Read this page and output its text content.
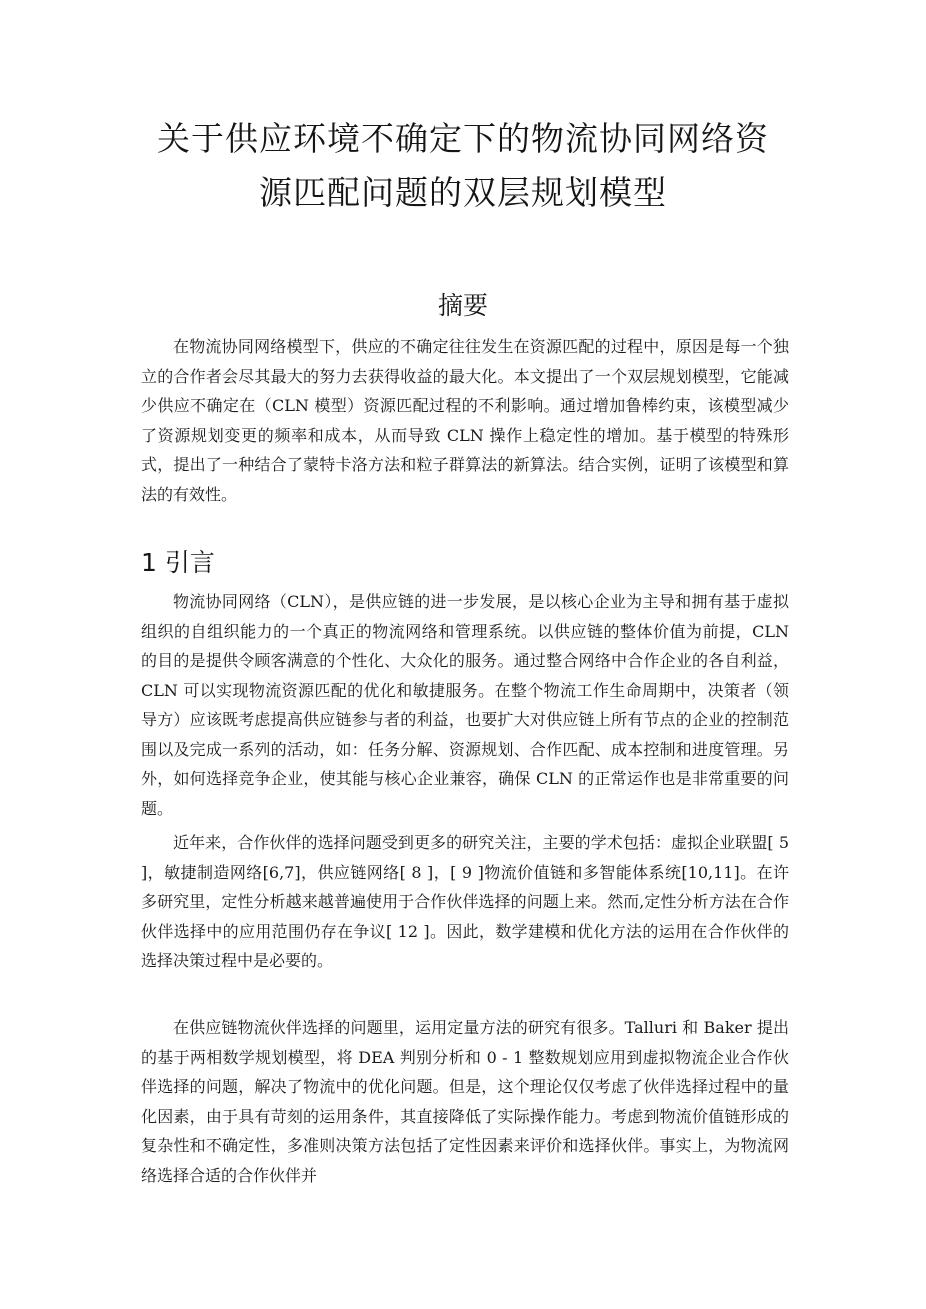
关于供应环境不确定下的物流协同网络资
源匹配问题的双层规划模型
摘要

在物流协同网络模型下，供应的不确定往往发生在资源匹配的过程中，原因是每一个独立的合作者会尽其最大的努力去获得收益的最大化。本文提出了一个双层规划模型，它能减少供应不确定在（CLN 模型）资源匹配过程的不利影响。通过增加鲁棒约束，该模型减少了资源规划变更的频率和成本，从而导致 CLN 操作上稳定性的增加。基于模型的特殊形式，提出了一种结合了蒙特卡洛方法和粒子群算法的新算法。结合实例，证明了该模型和算法的有效性。

1 引言

物流协同网络（CLN），是供应链的进一步发展，是以核心企业为主导和拥有基于虚拟组织的自组织能力的一个真正的物流网络和管理系统。以供应链的整体价值为前提，CLN 的目的是提供令顾客满意的个性化、大众化的服务。通过整合网络中合作企业的各自利益，CLN 可以实现物流资源匹配的优化和敏捷服务。在整个物流工作生命周期中，决策者（领导方）应该既考虑提高供应链参与者的利益，也要扩大对供应链上所有节点的企业的控制范围以及完成一系列的活动，如：任务分解、资源规划、合作匹配、成本控制和进度管理。另外，如何选择竞争企业，使其能与核心企业兼容，确保 CLN 的正常运作也是非常重要的问题。

近年来，合作伙伴的选择问题受到更多的研究关注，主要的学术包括：虚拟企业联盟[ 5 ]，敏捷制造网络[6,7]，供应链网络[ 8 ]，[ 9 ]物流价值链和多智能体系统[10,11]。在许多研究里，定性分析越来越普遍使用于合作伙伴选择的问题上来。然而,定性分析方法在合作伙伴选择中的应用范围仍存在争议[ 12 ]。因此，数学建模和优化方法的运用在合作伙伴的选择决策过程中是必要的。

在供应链物流伙伴选择的问题里，运用定量方法的研究有很多。Talluri 和 Baker 提出的基于两相数学规划模型，将 DEA 判别分析和 0 - 1 整数规划应用到虚拟物流企业合作伙伴选择的问题，解决了物流中的优化问题。但是，这个理论仅仅考虑了伙伴选择过程中的量化因素，由于具有苛刻的运用条件，其直接降低了实际操作能力。考虑到物流价值链形成的复杂性和不确定性，多准则决策方法包括了定性因素来评价和选择伙伴。事实上，为物流网络选择合适的合作伙伴并
